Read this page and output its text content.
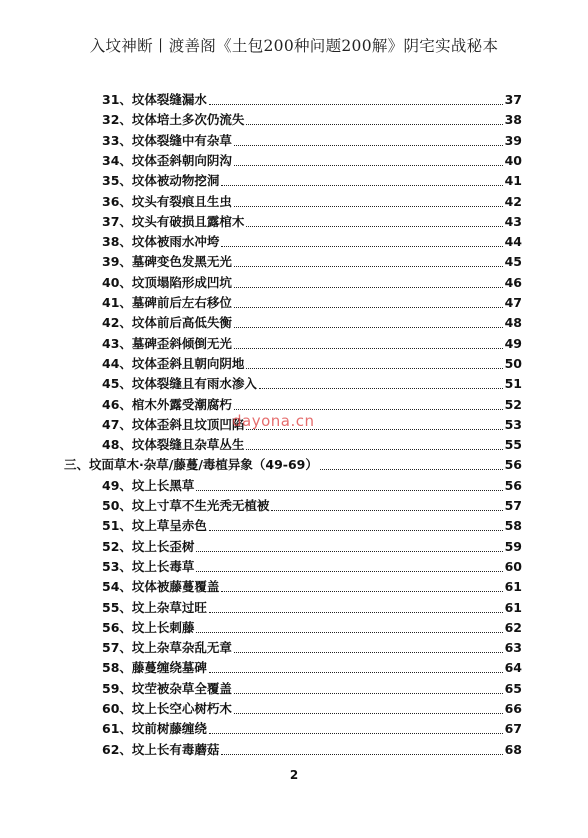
入坟神断丨渡善阁《土包200种问题200解》阴宅实战秘本
31、 坟体裂缝漏水	37
32、 坟体培土多次仍流失	38
33、 坟体裂缝中有杂草	39
34、 坟体歪斜朝向阴沟	40
35、 坟体被动物挖洞	41
36、 坟头有裂痕且生虫	42
37、 坟头有破损且露棺木	43
38、 坟体被雨水冲垮	44
39、 墓碑变色发黑无光	45
40、 坟顶塌陷形成凹坑	46
41、 墓碑前后左右移位	47
42、 坟体前后高低失衡	48
43、 墓碑歪斜倾倒无光	49
44、 坟体歪斜且朝向阴地	50
45、 坟体裂缝且有雨水渗入	51
46、 棺木外露受潮腐朽	52
47、 坟体歪斜且坟顶凹陷	53
48、 坟体裂缝且杂草丛生	55
三、 坟面草木·杂草/藤蔓/毒植异象（49-69）	56
49、 坟上长黑草	56
50、 坟上寸草不生光秃无植被	57
51、 坟上草呈赤色	58
52、 坟上长歪树	59
53、 坟上长毒草	60
54、 坟体被藤蔓覆盖	61
55、 坟上杂草过旺	61
56、 坟上长刺藤	62
57、 坟上杂草杂乱无章	63
58、 藤蔓缠绕墓碑	64
59、 坟茔被杂草全覆盖	65
60、 坟上长空心树朽木	66
61、 坟前树藤缠绕	67
62、 坟上长有毒蘑菇	68
dayona.cn
2
